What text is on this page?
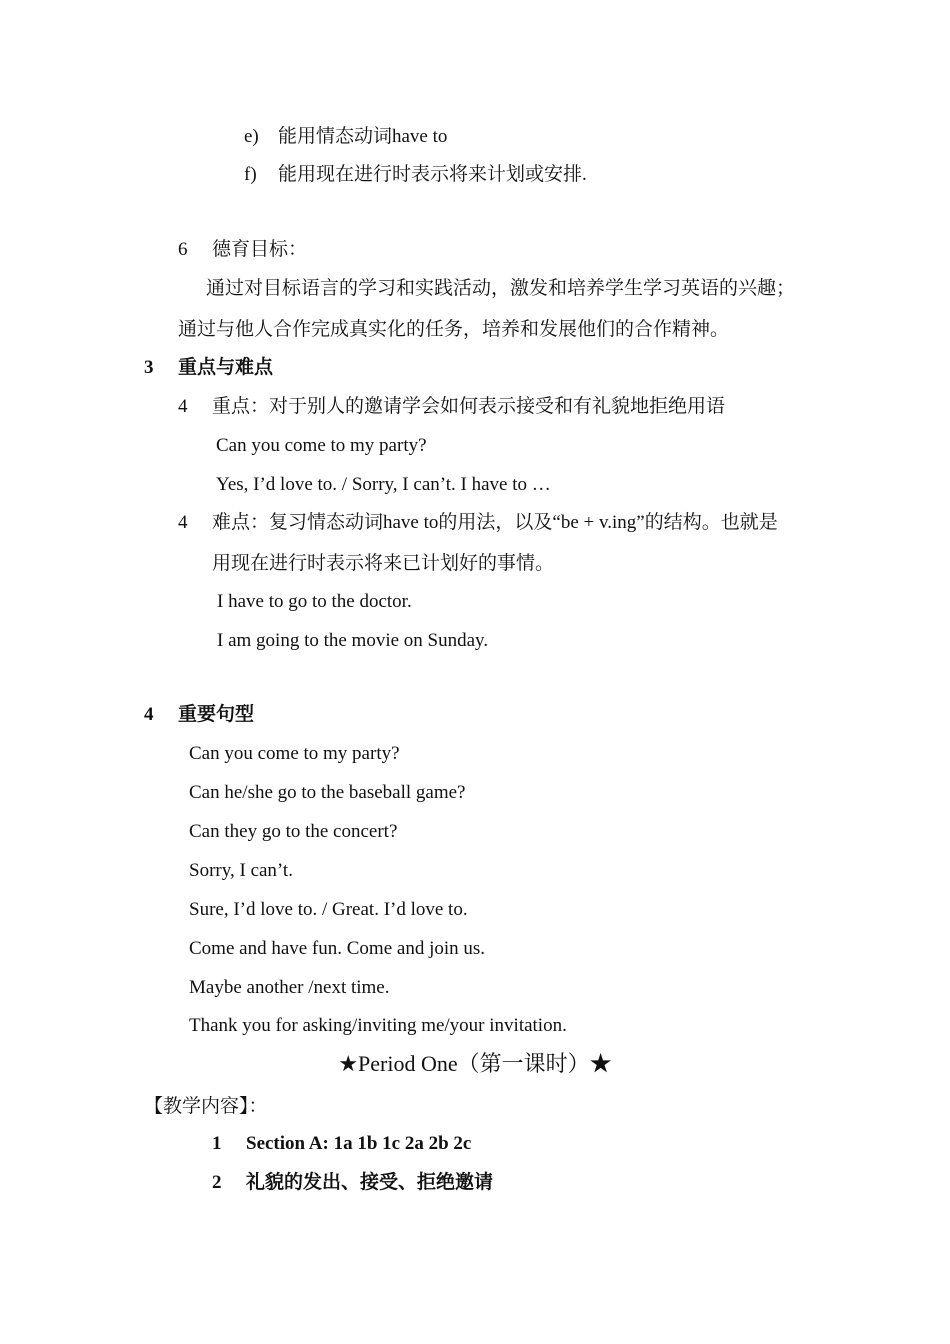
e) 能用情态动词have to
f) 能用现在进行时表示将来计划或安排.
6 德育目标：
通过对目标语言的学习和实践活动，激发和培养学生学习英语的兴趣；
通过与他人合作完成真实化的任务，培养和发展他们的合作精神。
3 重点与难点
4 重点：对于别人的邀请学会如何表示接受和有礼貌地拒绝用语
Can you come to my party?
Yes, I’d love to. / Sorry, I can’t. I have to …
4 难点：复习情态动词have to的用法，以及“be + v.ing”的结构。也就是
用现在进行时表示将来已计划好的事情。
I have to go to the doctor.
I am going to the movie on Sunday.
4 重要句型
Can you come to my party?
Can he/she go to the baseball game?
Can they go to the concert?
Sorry, I can’t.
Sure, I’d love to. / Great. I’d love to.
Come and have fun. Come and join us.
Maybe another /next time.
Thank you for asking/inviting me/your invitation.
★Period One（第一课时）★
【教学内容】：
1 Section A: 1a 1b 1c 2a 2b 2c
2 礼貌的发出、接受、拒绝邀请
